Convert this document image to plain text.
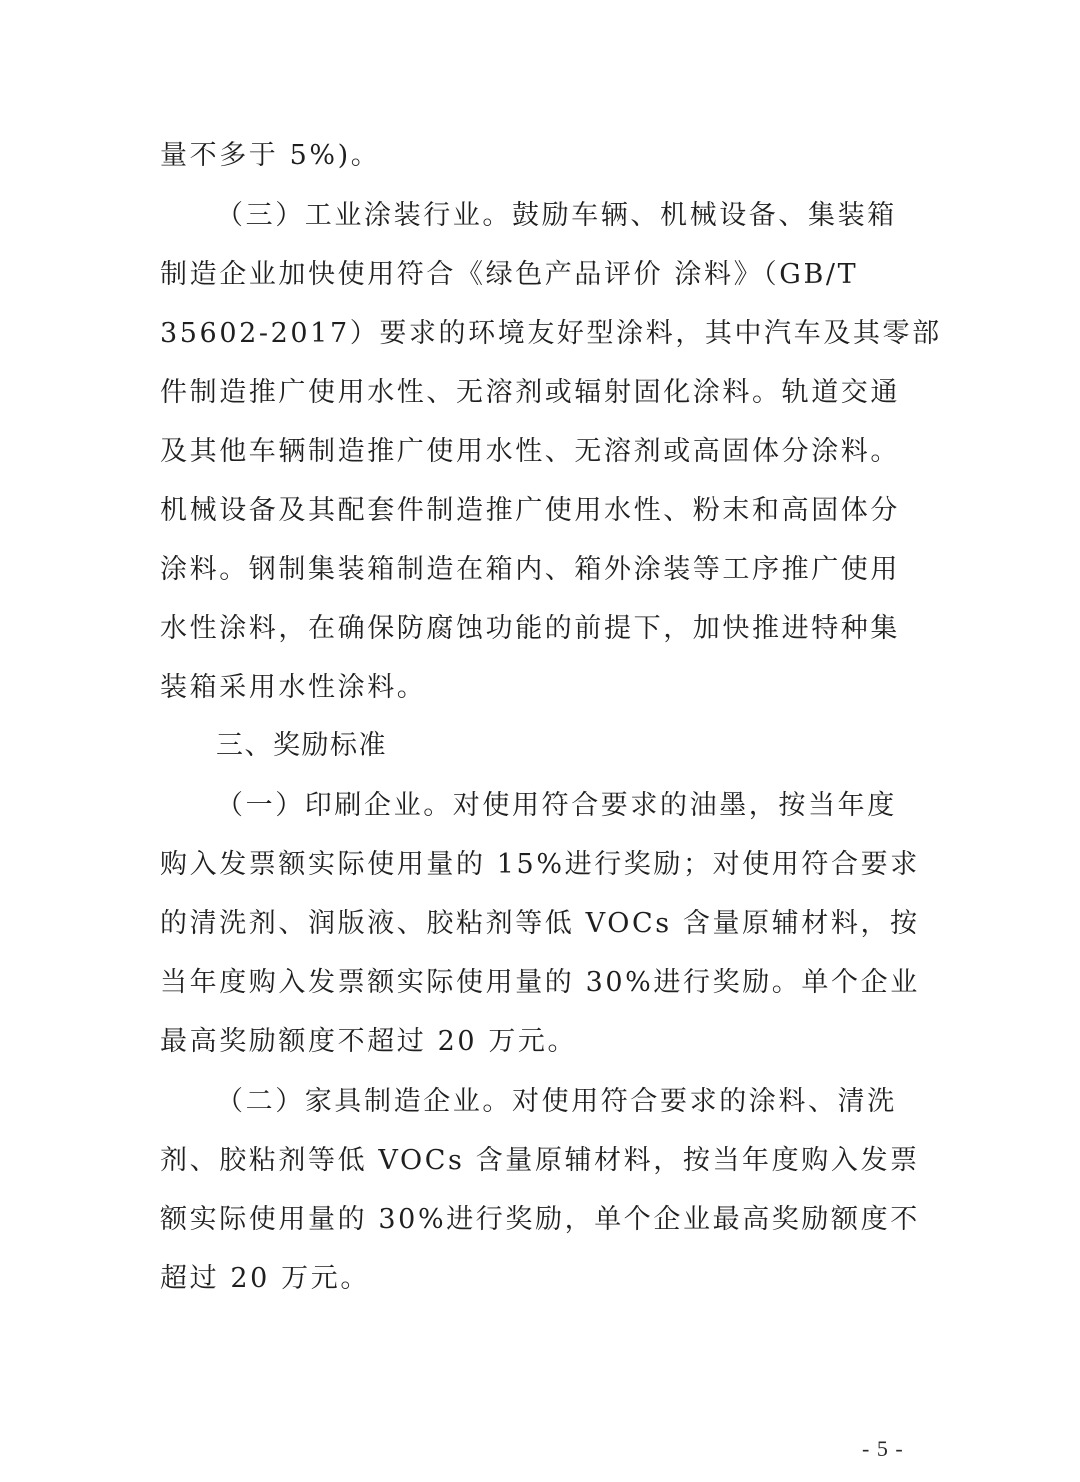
量不多于 5%)。
（三）工业涂装行业。鼓励车辆、机械设备、集装箱
制造企业加快使用符合《绿色产品评价 涂料》（GB/T
35602-2017）要求的环境友好型涂料，其中汽车及其零部
件制造推广使用水性、无溶剂或辐射固化涂料。轨道交通
及其他车辆制造推广使用水性、无溶剂或高固体分涂料。
机械设备及其配套件制造推广使用水性、粉末和高固体分
涂料。钢制集装箱制造在箱内、箱外涂装等工序推广使用
水性涂料，在确保防腐蚀功能的前提下，加快推进特种集
装箱采用水性涂料。
三、奖励标准
（一）印刷企业。对使用符合要求的油墨，按当年度
购入发票额实际使用量的 15%进行奖励；对使用符合要求
的清洗剂、润版液、胶粘剂等低 VOCs 含量原辅材料，按
当年度购入发票额实际使用量的 30%进行奖励。单个企业
最高奖励额度不超过 20 万元。
（二）家具制造企业。对使用符合要求的涂料、清洗
剂、胶粘剂等低 VOCs 含量原辅材料，按当年度购入发票
额实际使用量的 30%进行奖励，单个企业最高奖励额度不
超过 20 万元。
- 5 -
